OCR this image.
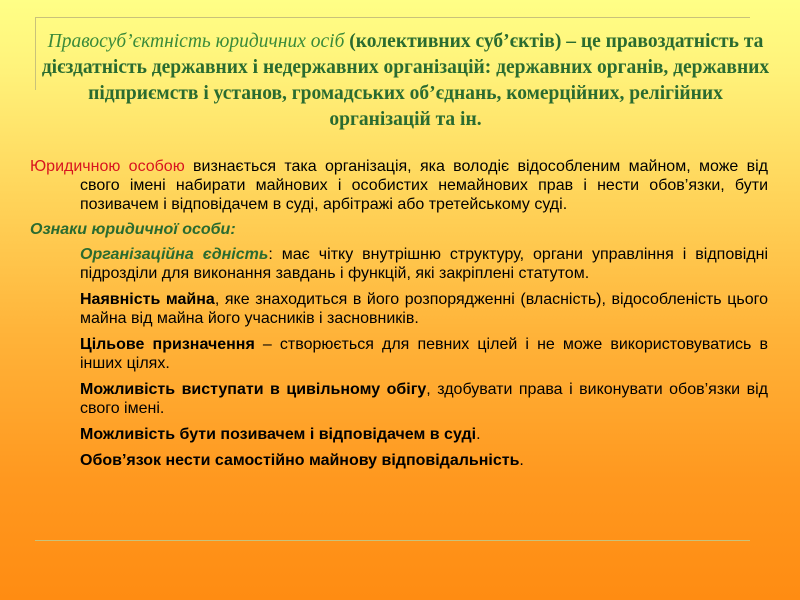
Правосуб’єктність юридичних осіб (колективних суб’єктів) – це правоздатність та дієздатність державних і недержавних організацій: державних органів, державних підприємств і установ, громадських об’єднань, комерційних, релігійних організацій та ін.

Юридичною особою визнається така організація, яка володіє відособленим майном, може від свого імені набирати майнових і особистих немайнових прав і нести обов’язки, бути позивачем і відповідачем в суді, арбітражі або третейському суді.

Ознаки юридичної особи:

Організаційна єдність: має чітку внутрішню структуру, органи управління і відповідні підрозділи для виконання завдань і функцій, які закріплені статутом.
Наявність майна, яке знаходиться в його розпорядженні (власність), відособленість цього майна від майна його учасників і засновників.
Цільове призначення – створюється для певних цілей і не може використовуватись в інших цілях.
Можливість виступати в цивільному обігу, здобувати права і виконувати обов’язки від свого імені.
Можливість бути позивачем і відповідачем в суді.
Обов’язок нести самостійно майнову відповідальність.
